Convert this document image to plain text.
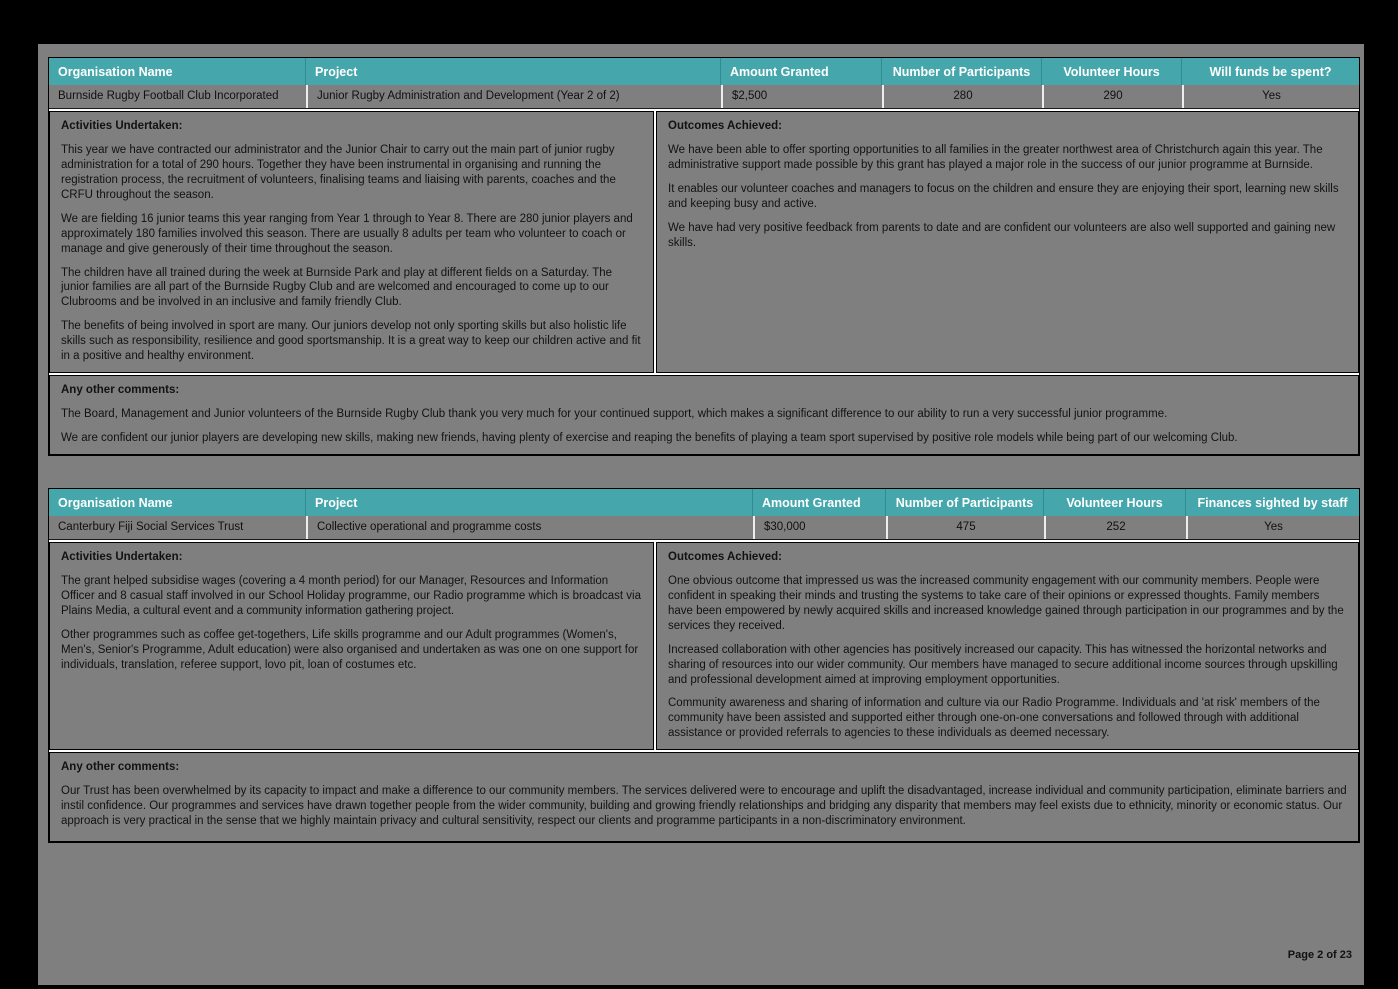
Organisation Name	Project	Amount Granted	Number of Participants	Volunteer Hours	Will funds be spent?
Burnside Rugby Football Club Incorporated	Junior Rugby Administration and Development (Year 2 of 2)	$2,500	280	290	Yes

Activities Undertaken:

This year we have contracted our administrator and the Junior Chair to carry out the main part of junior rugby administration for a total of 290 hours. Together they have been instrumental in organising and running the registration process, the recruitment of volunteers, finalising teams and liaising with parents, coaches and the CRFU throughout the season.

We are fielding 16 junior teams this year ranging from Year 1 through to Year 8. There are 280 junior players and approximately 180 families involved this season. There are usually 8 adults per team who volunteer to coach or manage and give generously of their time throughout the season.

The children have all trained during the week at Burnside Park and play at different fields on a Saturday. The junior families are all part of the Burnside Rugby Club and are welcomed and encouraged to come up to our Clubrooms and be involved in an inclusive and family friendly Club.

The benefits of being involved in sport are many. Our juniors develop not only sporting skills but also holistic life skills such as responsibility, resilience and good sportsmanship. It is a great way to keep our children active and fit in a positive and healthy environment.

Outcomes Achieved:

We have been able to offer sporting opportunities to all families in the greater northwest area of Christchurch again this year. The administrative support made possible by this grant has played a major role in the success of our junior programme at Burnside.

It enables our volunteer coaches and managers to focus on the children and ensure they are enjoying their sport, learning new skills and keeping busy and active.

We have had very positive feedback from parents to date and are confident our volunteers are also well supported and gaining new skills.

Any other comments:

The Board, Management and Junior volunteers of the Burnside Rugby Club thank you very much for your continued support, which makes a significant difference to our ability to run a very successful junior programme.

We are confident our junior players are developing new skills, making new friends, having plenty of exercise and reaping the benefits of playing a team sport supervised by positive role models while being part of our welcoming Club.

Organisation Name	Project	Amount Granted	Number of Participants	Volunteer Hours	Finances sighted by staff
Canterbury Fiji Social Services Trust	Collective operational and programme costs	$30,000	475	252	Yes

Activities Undertaken:

The grant helped subsidise wages (covering a 4 month period) for our Manager, Resources and Information Officer and 8 casual staff involved in our School Holiday programme, our Radio programme which is broadcast via Plains Media, a cultural event and a community information gathering project.

Other programmes such as coffee get-togethers, Life skills programme and our Adult programmes (Women's, Men's, Senior's Programme, Adult education) were also organised and undertaken as was one on one support for individuals, translation, referee support, lovo pit, loan of costumes etc.

Outcomes Achieved:

One obvious outcome that impressed us was the increased community engagement with our community members. People were confident in speaking their minds and trusting the systems to take care of their opinions or expressed thoughts. Family members have been empowered by newly acquired skills and increased knowledge gained through participation in our programmes and by the services they received.

Increased collaboration with other agencies has positively increased our capacity. This has witnessed the horizontal networks and sharing of resources into our wider community. Our members have managed to secure additional income sources through upskilling and professional development aimed at improving employment opportunities.

Community awareness and sharing of information and culture via our Radio Programme. Individuals and 'at risk' members of the community have been assisted and supported either through one-on-one conversations and followed through with additional assistance or provided referrals to agencies to these individuals as deemed necessary.

Any other comments:

Our Trust has been overwhelmed by its capacity to impact and make a difference to our community members. The services delivered were to encourage and uplift the disadvantaged, increase individual and community participation, eliminate barriers and instil confidence. Our programmes and services have drawn together people from the wider community, building and growing friendly relationships and bridging any disparity that members may feel exists due to ethnicity, minority or economic status. Our approach is very practical in the sense that we highly maintain privacy and cultural sensitivity, respect our clients and programme participants in a non-discriminatory environment.

Page 2 of 23
